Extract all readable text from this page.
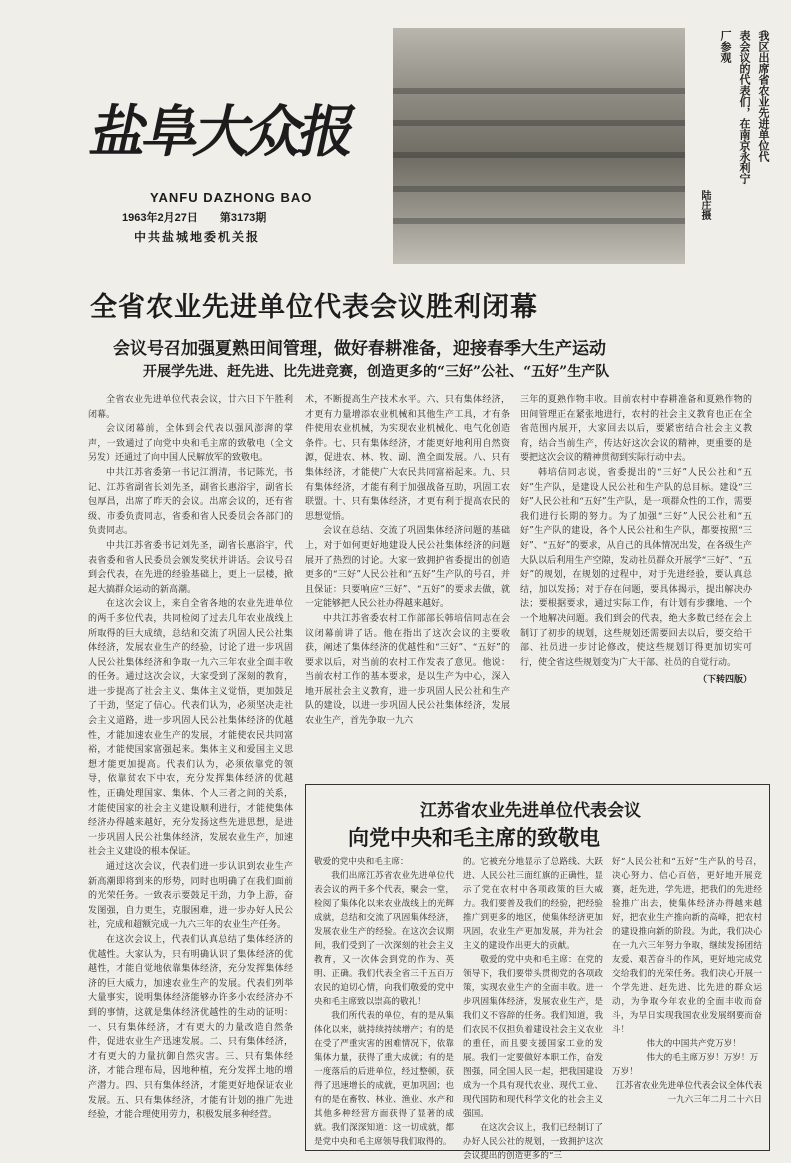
盐阜大众报
YANFU DAZHONG BAO
1963年2月27日 第3173期
中共盐城地委机关报
我区出席省农业先进单位代
表会议的代表们，在南京永利宁
厂参观
陆庄摄
全省农业先进单位代表会议胜利闭幕
会议号召加强夏熟田间管理，做好春耕准备，迎接春季大生产运动
开展学先进、赶先进、比先进竞赛，创造更多的“三好”公社、“五好”生产队

全省农业先进单位代表会议，廿六日下午胜利闭幕。

会议闭幕前，全体到会代表以强风澎湃的掌声，一致通过了向党中央和毛主席的致敬电（全文另发）还通过了向中国人民解放军的致敬电。

中共江苏省委第一书记江渭清，书记陈光，书记、江苏省副省长刘先圣，副省长惠浴宇，副省长包厚昌，出席了昨天的会议。出席会议的，还有省级、市委负责同志，省委和省人民委员会各部门的负责同志。

中共江苏省委书记刘先圣，副省长惠浴宇，代表省委和省人民委员会颁发奖状并讲话。会议号召到会代表，在先进的经验基础上，更上一层楼，掀起大搞群众运动的新高潮。

在这次会议上，来自全省各地的农业先进单位的两千多位代表，共同检阅了过去几年农业战线上所取得的巨大成绩，总结和交流了巩固人民公社集体经济，发展农业生产的经验，讨论了进一步巩固人民公社集体经济和争取一九六三年农业全面丰收的任务。通过这次会议，大家受到了深刻的教育，进一步提高了社会主义、集体主义觉悟，更加鼓足了干劲，坚定了信心。代表们认为，必须坚决走社会主义道路，进一步巩固人民公社集体经济的优越性，才能加速农业生产的发展，才能使农民共同富裕，才能使国家富强起来。集体主义和爱国主义思想才能更加提高。代表们认为，必须依靠党的领导，依靠贫农下中农，充分发挥集体经济的优越性，正确处理国家、集体、个人三者之间的关系，才能使国家的社会主义建设顺利进行，才能使集体经济办得越来越好，充分发扬这些先进思想，是进一步巩固人民公社集体经济，发展农业生产，加速社会主义建设的根本保证。

通过这次会议，代表们进一步认识到农业生产新高潮即将到来的形势，同时也明确了在我们面前的光荣任务。一致表示要鼓足干劲，力争上游，奋发图强，自力更生，克服困难，进一步办好人民公社，完成和超额完成一九六三年的农业生产任务。

在这次会议上，代表们认真总结了集体经济的优越性。大家认为，只有明确认识了集体经济的优越性，才能自觉地依靠集体经济，充分发挥集体经济的巨大威力，加速农业生产的发展。代表们列举大量事实，说明集体经济能够办许多小农经济办不到的事情，这就是集体经济优越性的生动的证明：一、只有集体经济，才有更大的力量改造自然条件，促进农业生产迅速发展。二、只有集体经济，才有更大的力量抗御自然灾害。三、只有集体经济，才能合理布局，因地种植，充分发挥土地的增产潜力。四、只有集体经济，才能更好地保证农业发展。五、只有集体经济，才能有计划的推广先进经验，才能合理使用劳力，积极发展多种经营。

术，不断提高生产技术水平。六、只有集体经济，才更有力量增添农业机械和其他生产工具，才有条件使用农业机械，为实现农业机械化、电气化创造条件。七、只有集体经济，才能更好地利用自然资源，促进农、林、牧、副、渔全面发展。八、只有集体经济，才能使广大农民共同富裕起来。九、只有集体经济，才能有利于加强战备互助，巩固工农联盟。十、只有集体经济，才更有利于提高农民的思想觉悟。

会议在总结、交流了巩固集体经济问题的基础上，对于如何更好地建设人民公社集体经济的问题展开了热烈的讨论。大家一致拥护省委提出的创造更多的“三好”人民公社和“五好”生产队的号召，并且保证：只要响应“三好”、“五好”的要求去做，就一定能够把人民公社办得越来越好。

中共江苏省委农村工作部部长韩培信同志在会议闭幕前讲了话。他在指出了这次会议的主要收获，阐述了集体经济的优越性和“三好”、“五好”的要求以后，对当前的农村工作发表了意见。他说：当前农村工作的基本要求，是以生产为中心，深入地开展社会主义教育，进一步巩固人民公社和生产队的建设，以进一步巩固人民公社集体经济，发展农业生产，首先争取一九六

三年的夏熟作物丰收。目前农村中春耕准备和夏熟作物的田间管理正在紧张地进行，农村的社会主义教育也正在全省范围内展开，大家回去以后，要紧密结合社会主义教育，结合当前生产，传达好这次会议的精神，更重要的是要把这次会议的精神贯彻到实际行动中去。

韩培信同志说，省委提出的“三好”人民公社和“五好”生产队，是建设人民公社和生产队的总目标。建设“三好”人民公社和“五好”生产队，是一项群众性的工作，需要我们进行长期的努力。为了加强“三好”人民公社和“五好”生产队的建设，各个人民公社和生产队，都要按照“三好”、“五好”的要求，从自己的具体情况出发，在各级生产大队以后利用生产空隙，发动社员群众开展学“三好”、“五好”的规划，在规划的过程中，对于先进经验，要认真总结，加以发扬；对于存在问题，要具体揭示，提出解决办法；要根据要求，通过实际工作，有计划有步骤地、一个一个地解决问题。我们到会的代表，绝大多数已经在会上制订了初步的规划，这些规划还需要回去以后，要交给干部、社员进一步讨论修改，使这些规划订得更加切实可行，使全省这些规划变为广大干部、社员的自觉行动。

（下转四版）
江苏省农业先进单位代表会议
向党中央和毛主席的致敬电

敬爱的党中央和毛主席：

我们出席江苏省农业先进单位代表会议的两千多个代表，聚会一堂，检阅了集体化以来农业战线上的光辉成就，总结和交流了巩固集体经济，发展农业生产的经验。在这次会议期间，我们受到了一次深刻的社会主义教育，又一次体会到党的作为、英明、正确。我们代表全省三千五百万农民的迫切心情，向我们敬爱的党中央和毛主席致以崇高的敬礼！

我们所代表的单位，有的是从集体化以来，就持续持续增产；有的是在受了严重灾害的困难情况下，依靠集体力量，获得了重大成就；有的是一度落后的后进单位，经过整顿，获得了迅速增长的成就，更加巩固；也有的是在畜牧、林业、渔业、水产和其他多种经营方面获得了显著的成就。我们深深知道：这一切成就，都是党中央和毛主席领导我们取得的。

的。它被充分地显示了总路线、大跃进、人民公社三面红旗的正确性，显示了党在农村中各项政策的巨大威力。我们要普及我们的经验，把经验推广到更多的地区，使集体经济更加巩固，农业生产更加发展，并为社会主义的建设作出更大的贡献。

敬爱的党中央和毛主席：在党的领导下，我们要带头贯彻党的各项政策，实现农业生产的全面丰收。进一步巩固集体经济，发展农业生产，是我们义不容辞的任务。我们知道，我们农民不仅担负着建设社会主义农业的重任，而且要支援国家工业的发展。我们一定要做好本职工作，奋发图强，同全国人民一起，把我国建设成为一个具有现代农业、现代工业、现代国防和现代科学文化的社会主义强国。

在这次会议上，我们已经制订了办好人民公社的规划，一致拥护这次会议提出的创造更多的“三

好”人民公社和“五好”生产队的号召，决心努力、信心百倍，更好地开展竞赛，赶先进，学先进，把我们的先进经验推广出去，使集体经济办得越来越好，把农业生产推向新的高峰，把农村的建设推向新的阶段。为此，我们决心在一九六三年努力争取，继续发扬团结友爱、艰苦奋斗的作风，更好地完成党交给我们的光荣任务。我们决心开展一个学先进、赶先进、比先进的群众运动，为争取今年农业的全面丰收而奋斗，为早日实现我国农业发展纲要而奋斗！

伟大的中国共产党万岁！

伟大的毛主席万岁！万岁！万万岁！

江苏省农业先进单位代表会议全体代表

一九六三年二月二十六日
